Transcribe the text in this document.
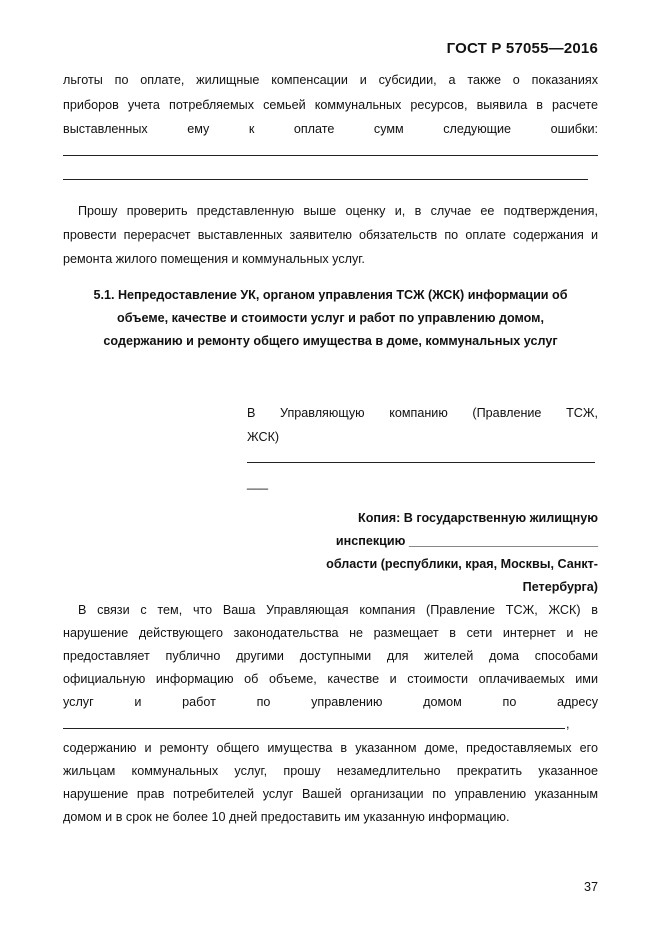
ГОСТ Р 57055—2016
льготы по оплате, жилищные компенсации и субсидии, а также о показаниях
приборов учета потребляемых семьей коммунальных ресурсов, выявила в расчете
выставленных ему к оплате сумм следующие ошибки:
Прошу проверить представленную выше оценку и, в случае ее подтверждения,
провести перерасчет выставленных заявителю обязательств по оплате содержания и
ремонта жилого помещения и коммунальных услуг.
5.1. Непредоставление УК, органом управления ТСЖ (ЖСК) информации об
объеме, качестве и стоимости услуг и работ по управлению домом,
содержанию и ремонту общего имущества в доме, коммунальных услуг
В Управляющую компанию (Правление ТСЖ,
ЖСК)
___
Копия: В государственную жилищную
инспекцию ___________________________
области (республики, края, Москвы, Санкт-
Петербурга)
В связи с тем, что Ваша Управляющая компания (Правление ТСЖ, ЖСК) в
нарушение действующего законодательства не размещает в сети интернет и не
предоставляет публично другими доступными для жителей дома способами
официальную информацию об объеме, качестве и стоимости оплачиваемых ими
услуг и работ по управлению домом по адресу
,
содержанию и ремонту общего имущества в указанном доме, предоставляемых его
жильцам коммунальных услуг, прошу незамедлительно прекратить указанное
нарушение прав потребителей услуг Вашей организации по управлению указанным
домом и в срок не более 10 дней предоставить им указанную информацию.
37
